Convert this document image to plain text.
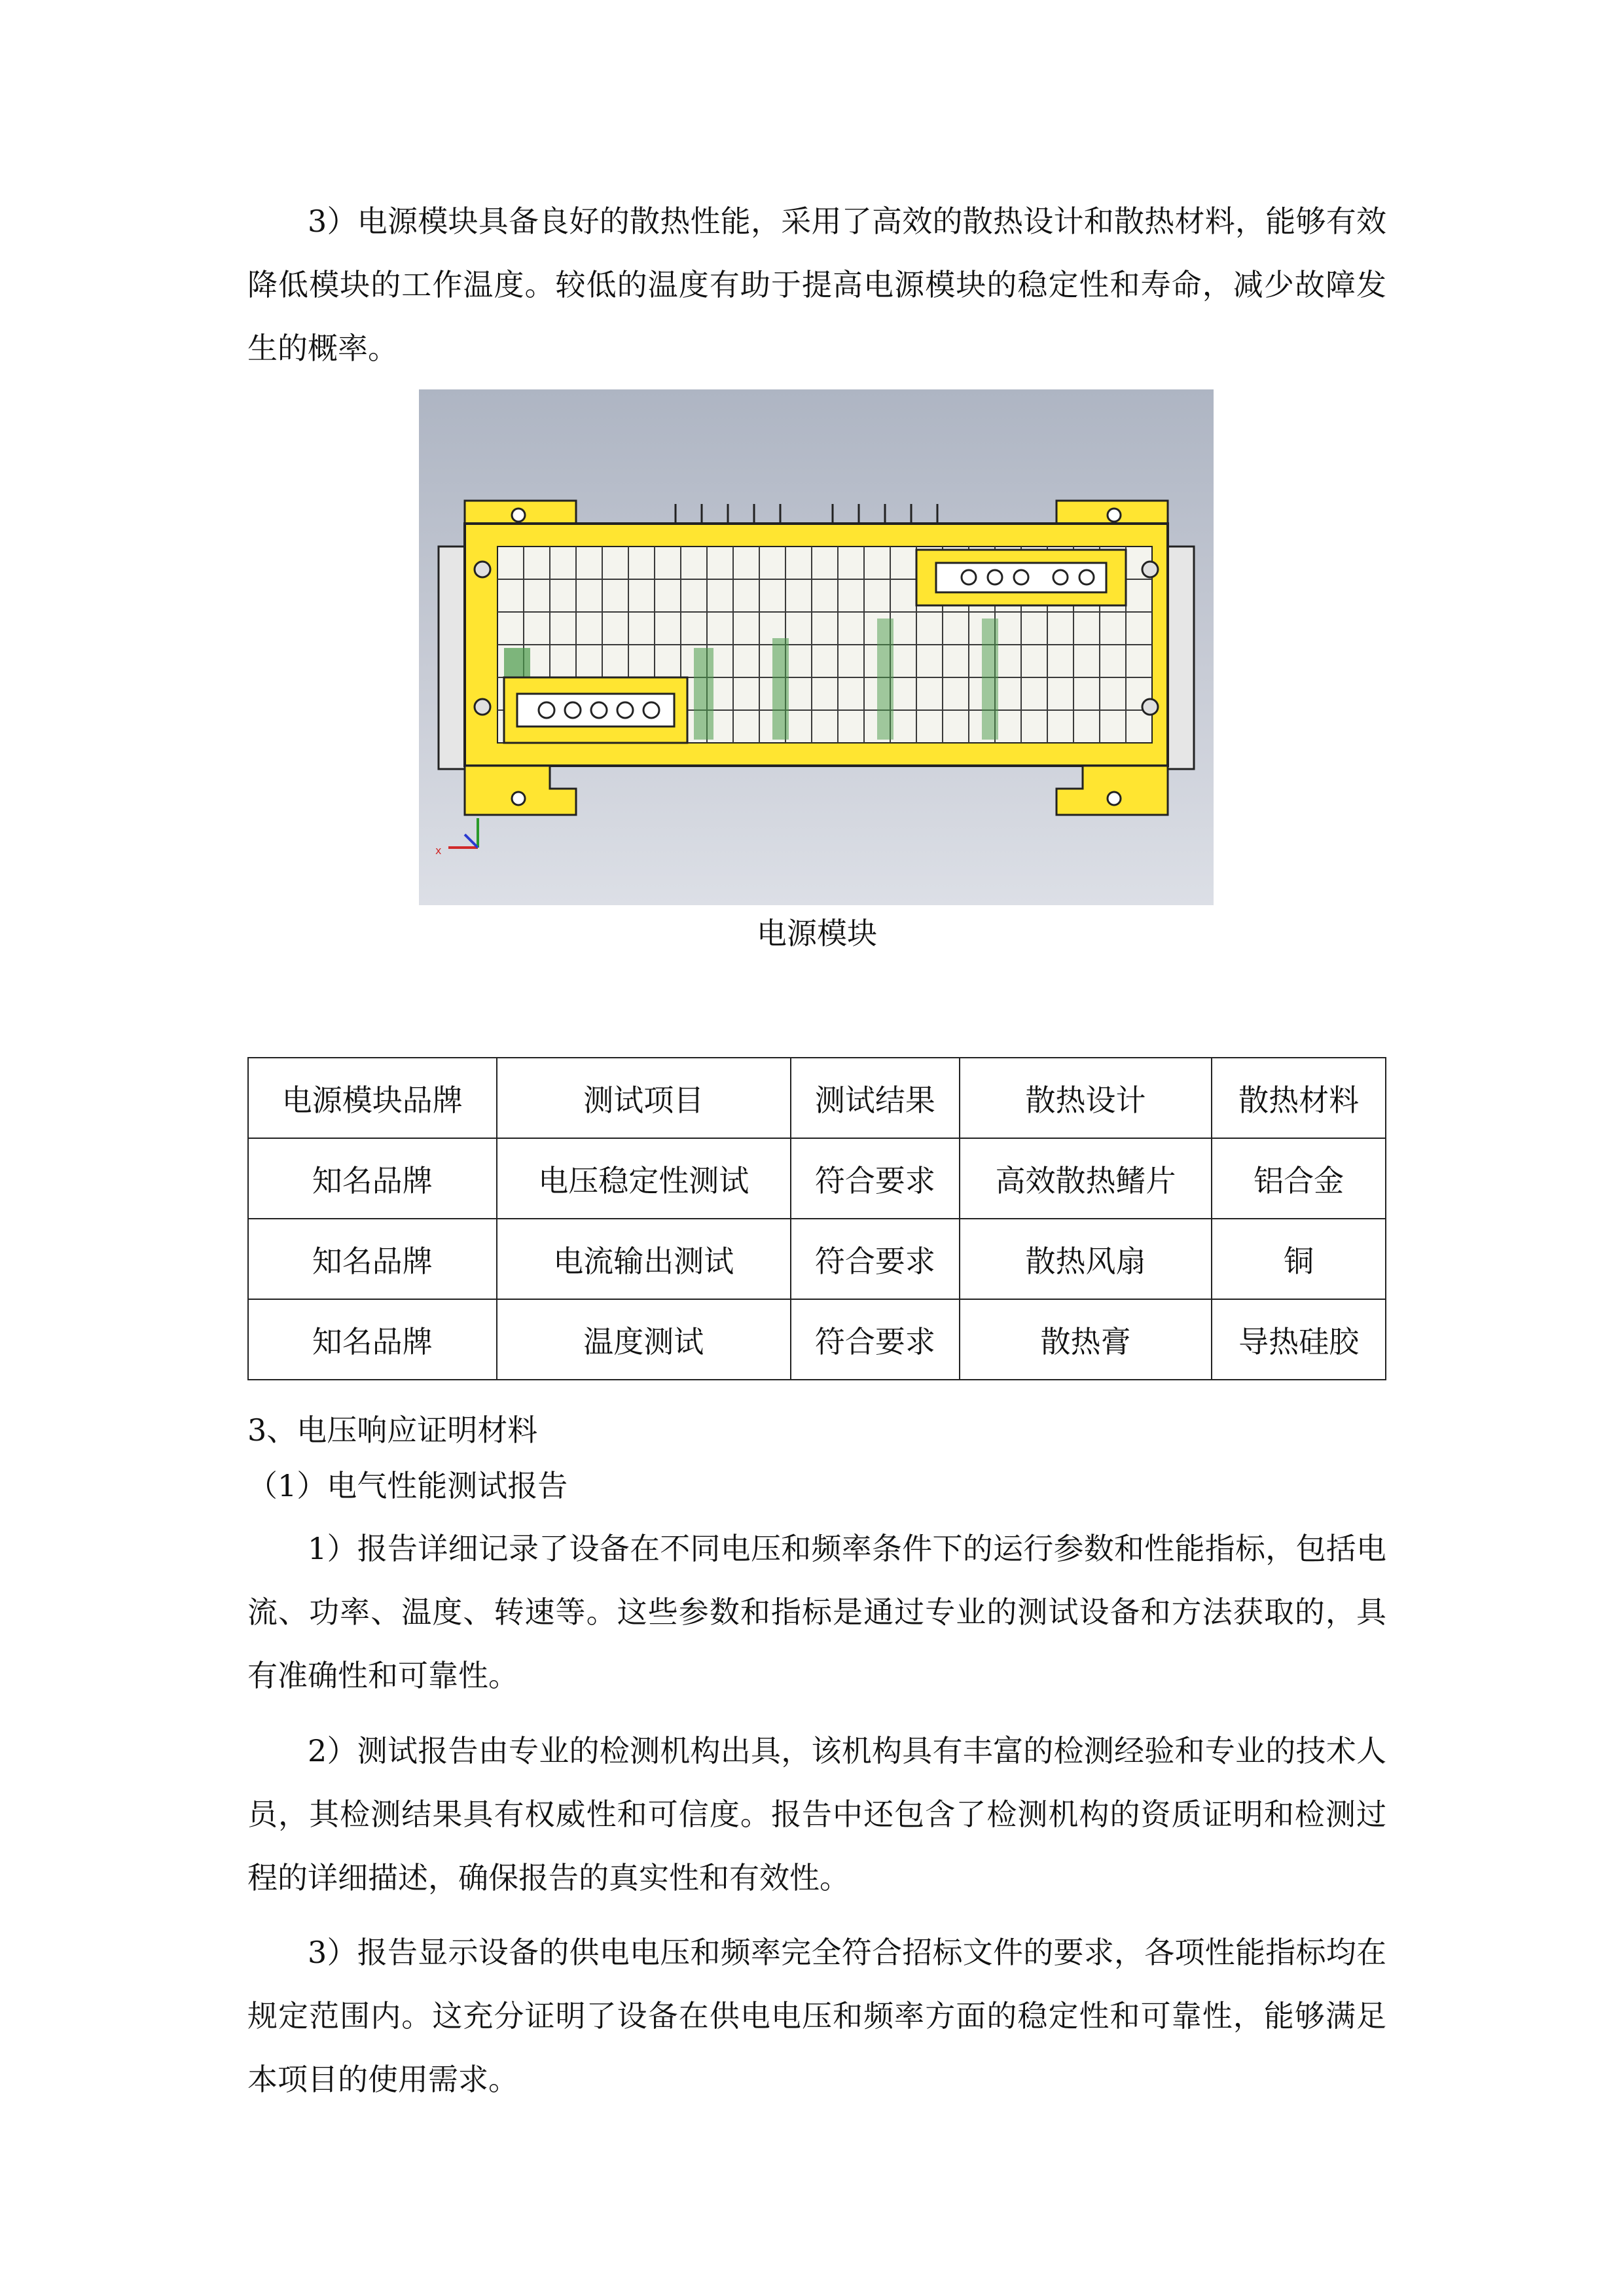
3）电源模块具备良好的散热性能，采用了高效的散热设计和散热材料，能够有效降低模块的工作温度。较低的温度有助于提高电源模块的稳定性和寿命，减少故障发生的概率。

x
电源模块
电源模块品牌	测试项目	测试结果	散热设计	散热材料
知名品牌	电压稳定性测试	符合要求	高效散热鳍片	铝合金
知名品牌	电流输出测试	符合要求	散热风扇	铜
知名品牌	温度测试	符合要求	散热膏	导热硅胶

3、电压响应证明材料

（1）电气性能测试报告

1）报告详细记录了设备在不同电压和频率条件下的运行参数和性能指标，包括电流、功率、温度、转速等。这些参数和指标是通过专业的测试设备和方法获取的，具有准确性和可靠性。

2）测试报告由专业的检测机构出具，该机构具有丰富的检测经验和专业的技术人员，其检测结果具有权威性和可信度。报告中还包含了检测机构的资质证明和检测过程的详细描述，确保报告的真实性和有效性。

3）报告显示设备的供电电压和频率完全符合招标文件的要求，各项性能指标均在规定范围内。这充分证明了设备在供电电压和频率方面的稳定性和可靠性，能够满足本项目的使用需求。
